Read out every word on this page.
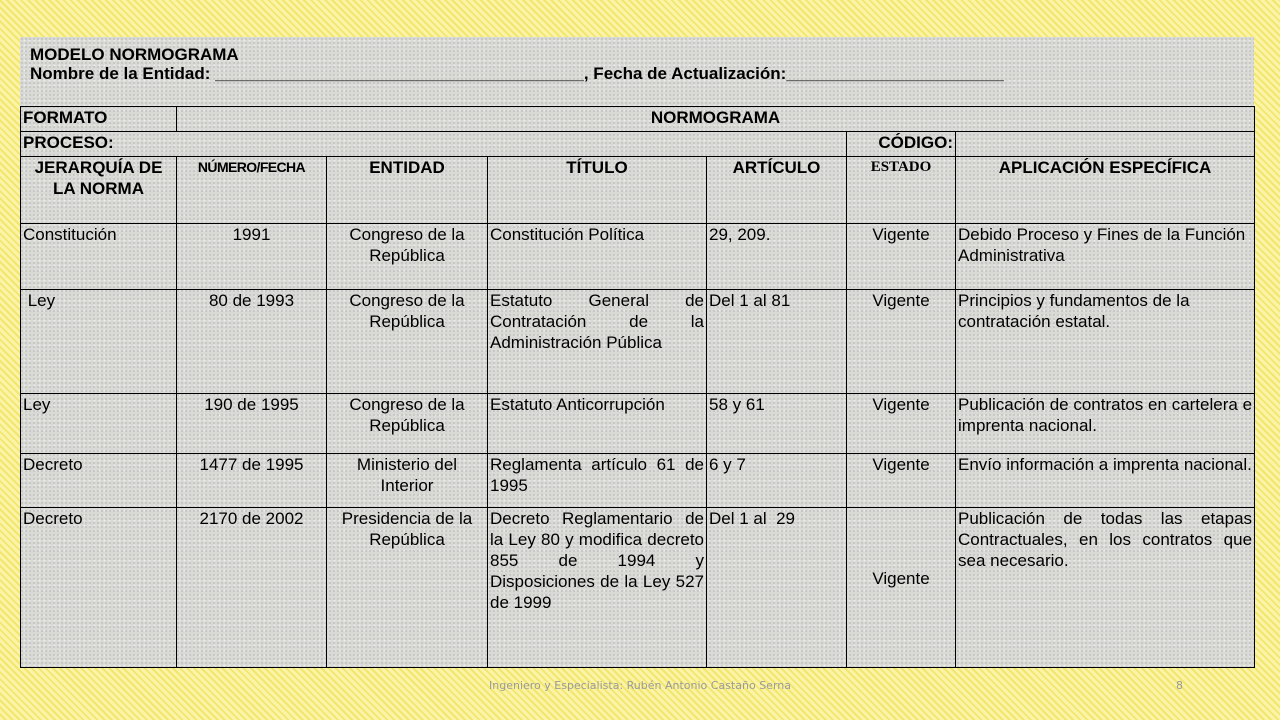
MODELO NORMOGRAMA
Nombre de la Entidad: _______________________________________, Fecha de Actualización:_______________________
FORMATO	NORMOGRAMA					
PROCESO:					CÓDIGO:	
JERARQUÍA DE LA NORMA	NÚMERO/FECHA	ENTIDAD	TÍTULO	ARTÍCULO	ESTADO	APLICACIÓN ESPECÍFICA
Constitución	1991	Congreso de la República	Constitución Política	29, 209.	Vigente	Debido Proceso y Fines de la Función Administrativa
Ley	80 de 1993	Congreso de la República	Estatuto General de Contratación de la Administración Pública	Del 1 al 81	Vigente	Principios y fundamentos de la contratación estatal.
Ley	190 de 1995	Congreso de la República	Estatuto Anticorrupción	58 y 61	Vigente	Publicación de contratos en cartelera e imprenta nacional.
Decreto	1477 de 1995	Ministerio del Interior	Reglamenta artículo 61 de 1995	6 y 7	Vigente	Envío información a imprenta nacional.
Decreto	2170 de 2002	Presidencia de la República	Decreto Reglamentario de la Ley 80 y modifica decreto 855 de 1994 y Disposiciones de la Ley 527 de 1999	Del 1 al  29	Vigente	Publicación de todas las etapas Contractuales, en los contratos que sea necesario.
Ingeniero y Especialista: Rubén Antonio Castaño Serna	8
